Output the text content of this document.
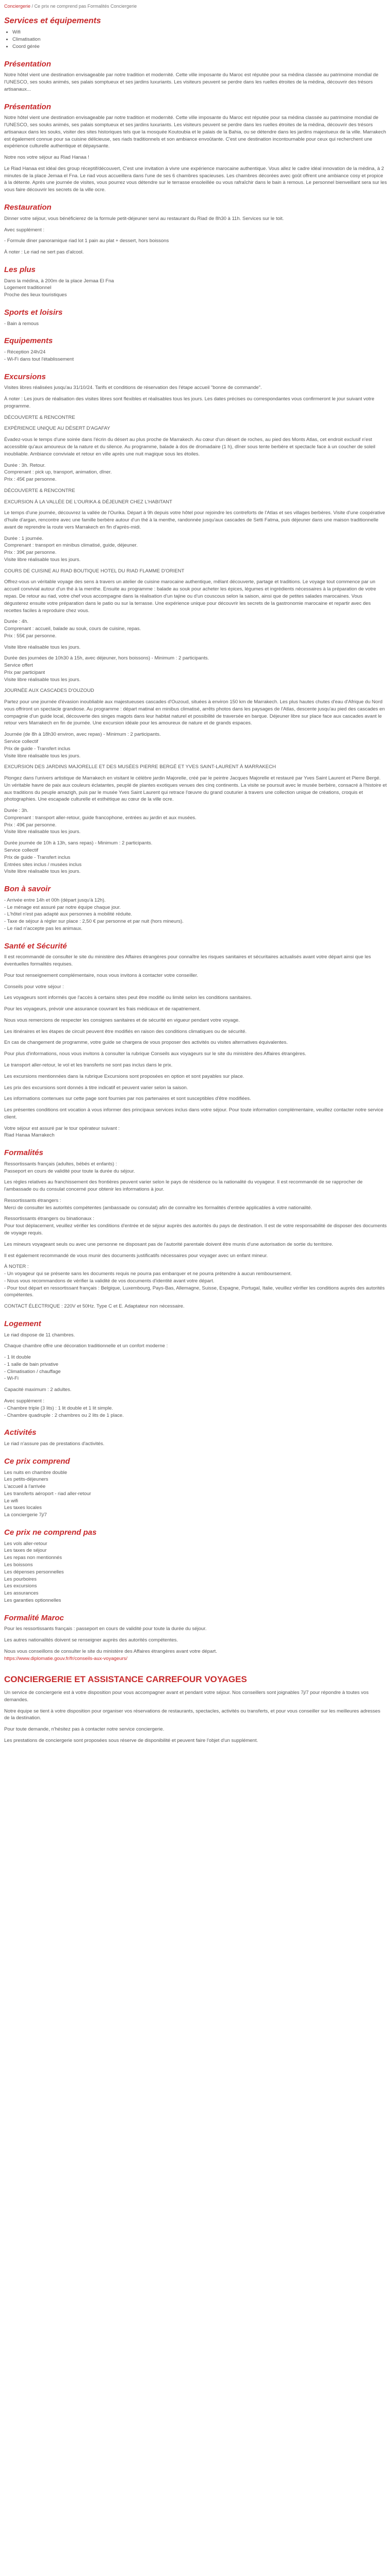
Conciergerie / Ce prix ne comprend pas Formalités Conciergerie
Services et équipements
• Wifi
• Climatisation
• Coord gérée
Présentation

Notre hôtel vient une destination envisageable par notre tradition et modernité. Cette ville imposante du Maroc est réputée pour sa médina classée au patrimoine mondial de l'UNESCO, ses souks animés, ses palais somptueux et ses jardins luxuriants. Les visiteurs peuvent se perdre dans les ruelles étroites de la médina, découvrir des trésors artisanaux...

Présentation

Notre hôtel vient une destination envisageable par notre tradition et modernité. Cette ville imposante du Maroc est réputée pour sa médina classée au patrimoine mondial de l'UNESCO, ses souks animés, ses palais somptueux et ses jardins luxuriants. Les visiteurs peuvent se perdre dans les ruelles étroites de la médina, découvrir des trésors artisanaux dans les souks, visiter des sites historiques tels que la mosquée Koutoubia et le palais de la Bahia, ou se détendre dans les jardins majestueux de la ville. Marrakech est également connue pour sa cuisine délicieuse, ses riads traditionnels et son ambiance envoûtante. C'est une destination incontournable pour ceux qui recherchent une expérience culturelle authentique et dépaysante.

Notre nos votre séjour au Riad Hanaa !

Le Riad Hanaa est idéal des group réceptif/découvert, C'est une invitation à vivre une expérience marocaine authentique. Vous allez le cadre idéal innovation de la médina, à 2 minutes de la place Jemaa el Fna. Le riad vous accueillera dans l'une de ses 6 chambres spacieuses. Les chambres décorées avec goût offrent une ambiance cosy et propice à la détente. Après une journée de visites, vous pourrez vous détendre sur le terrasse ensoleillée ou vous rafraîchir dans le bain à remous. Le personnel bienveillant sera sur les vous faire découvrir les secrets de la ville ocre.

Restauration

Dinner votre séjour, vous bénéficierez de la formule petit-déjeuner servi au restaurant du Riad de 8h30 à 11h. Services sur le toit.

Avec supplément :

- Formule diner panoramique riad lot 1 pain au plat + dessert, hors boissons

À noter : Le riad ne sert pas d'alcool.

Les plus
Dans la médina, à 200m de la place Jemaa El Fna
Logement traditionnel
Proche des lieux touristiques
Sports et loisirs
- Bain à remous
Equipements
- Réception 24h/24
- Wi-Fi dans tout l'établissement
Excursions

Visites libres réalisées jusqu'au 31/10/24. Tarifs et conditions de réservation des l'étape accueil "bonne de commande".

À noter : Les jours de réalisation des visites libres sont flexibles et réalisables tous les jours. Les dates précises ou correspondantes vous confirmeront le jour suivant votre programme.

DÉCOUVERTE & RENCONTRE

EXPÉRIENCE UNIQUE AU DÉSERT D'AGAFAY

Évadez-vous le temps d'une soirée dans l'écrin du désert au plus proche de Marrakech. Au cœur d'un désert de roches, au pied des Monts Atlas, cet endroit exclusif n'est accessible qu'aux amoureux de la nature et du silence. Au programme, balade à dos de dromadaire (1 h), dîner sous tente berbère et spectacle face à un coucher de soleil inoubliable. Ambiance conviviale et retour en ville après une nuit magique sous les étoiles.

Durée : 3h. Retour.
Comprenant : pick up, transport, animation, dîner.

Prix : 45€ par personne.

DÉCOUVERTE & RENCONTRE

EXCURSION À LA VALLÉE DE L'OURIKA & DÉJEUNER CHEZ L'HABITANT

Le temps d'une journée, découvrez la vallée de l'Ourika. Départ à 9h depuis votre hôtel pour rejoindre les contreforts de l'Atlas et ses villages berbères. Visite d'une coopérative d'huile d'argan, rencontre avec une famille berbère autour d'un thé à la menthe, randonnée jusqu'aux cascades de Setti Fatma, puis déjeuner dans une maison traditionnelle avant de reprendre la route vers Marrakech en fin d'après-midi.

Durée : 1 journée.
Comprenant : transport en minibus climatisé, guide, déjeuner.
Prix : 39€ par personne.

Visite libre réalisable tous les jours.

COURS DE CUISINE AU RIAD BOUTIQUE HOTEL DU RIAD FLAMME D'ORIENT

Offrez-vous un véritable voyage des sens à travers un atelier de cuisine marocaine authentique, mêlant découverte, partage et traditions. Le voyage tout commence par un accueil convivial autour d'un thé à la menthe. Ensuite au programme : balade au souk pour acheter les épices, légumes et ingrédients nécessaires à la préparation de votre repas. De retour au riad, votre chef vous accompagne dans la réalisation d'un tajine ou d'un couscous selon la saison, ainsi que de petites salades marocaines. Vous dégusterez ensuite votre préparation dans le patio ou sur la terrasse. Une expérience unique pour découvrir les secrets de la gastronomie marocaine et repartir avec des recettes faciles à reproduire chez vous.

Durée : 4h.
Comprenant : accueil, balade au souk, cours de cuisine, repas.

Prix : 55€ par personne.

Visite libre réalisable tous les jours.

Durée des journées de 10h30 à 15h, avec déjeuner, hors boissons) - Minimum : 2 participants.
Service offert
Prix par participant

Visite libre réalisable tous les jours.

JOURNÉE AUX CASCADES D'OUZOUD

Partez pour une journée d'évasion inoubliable aux majestueuses cascades d'Ouzoud, situées à environ 150 km de Marrakech. Les plus hautes chutes d'eau d'Afrique du Nord vous offriront un spectacle grandiose. Au programme : départ matinal en minibus climatisé, arrêts photos dans les paysages de l'Atlas, descente jusqu'au pied des cascades en compagnie d'un guide local, découverte des singes magots dans leur habitat naturel et possibilité de traversée en barque. Déjeuner libre sur place face aux cascades avant le retour vers Marrakech en fin de journée. Une excursion idéale pour les amoureux de nature et de grands espaces.

Journée (de 8h à 18h30 environ, avec repas) - Minimum : 2 participants.
Service collectif
Prix de guide - Transfert inclus

Visite libre réalisable tous les jours.

EXCURSION DES JARDINS MAJORELLE ET DES MUSÉES PIERRE BERGÉ ET YVES SAINT-LAURENT À MARRAKECH

Plongez dans l'univers artistique de Marrakech en visitant le célèbre jardin Majorelle, créé par le peintre Jacques Majorelle et restauré par Yves Saint Laurent et Pierre Bergé. Un véritable havre de paix aux couleurs éclatantes, peuplé de plantes exotiques venues des cinq continents. La visite se poursuit avec le musée berbère, consacré à l'histoire et aux traditions du peuple amazigh, puis par le musée Yves Saint Laurent qui retrace l'œuvre du grand couturier à travers une collection unique de créations, croquis et photographies. Une escapade culturelle et esthétique au cœur de la ville ocre.

Durée : 3h.
Comprenant : transport aller-retour, guide francophone, entrées au jardin et aux musées.
Prix : 49€ par personne.

Visite libre réalisable tous les jours.

Durée journée de 10h à 13h, sans repas) - Minimum : 2 participants.
Service collectif
Prix de guide - Transfert inclus
Entrées sites inclus / musées inclus

Visite libre réalisable tous les jours.

Bon à savoir
- Arrivée entre 14h et 00h (départ jusqu'à 12h).
- Le ménage est assuré par notre équipe chaque jour.
- L'hôtel n'est pas adapté aux personnes à mobilité réduite.
- Taxe de séjour à régler sur place : 2,50 € par personne et par nuit (hors mineurs).
- Le riad n'accepte pas les animaux.
Santé et Sécurité

Il est recommandé de consulter le site du ministère des Affaires étrangères pour connaître les risques sanitaires et sécuritaires actualisés avant votre départ ainsi que les éventuelles formalités requises.

Pour tout renseignement complémentaire, nous vous invitons à contacter votre conseiller.

Conseils pour votre séjour :

Les voyageurs sont informés que l'accès à certains sites peut être modifié ou limité selon les conditions sanitaires.

Pour les voyageurs, prévoir une assurance couvrant les frais médicaux et de rapatriement.

Nous vous remercions de respecter les consignes sanitaires et de sécurité en vigueur pendant votre voyage.

Les itinéraires et les étapes de circuit peuvent être modifiés en raison des conditions climatiques ou de sécurité.

En cas de changement de programme, votre guide se chargera de vous proposer des activités ou visites alternatives équivalentes.

Pour plus d'informations, nous vous invitons à consulter la rubrique Conseils aux voyageurs sur le site du ministère des Affaires étrangères.

Le transport aller-retour, le vol et les transferts ne sont pas inclus dans le prix.

Les excursions mentionnées dans la rubrique Excursions sont proposées en option et sont payables sur place.

Les prix des excursions sont donnés à titre indicatif et peuvent varier selon la saison.

Les informations contenues sur cette page sont fournies par nos partenaires et sont susceptibles d'être modifiées.

Les présentes conditions ont vocation à vous informer des principaux services inclus dans votre séjour. Pour toute information complémentaire, veuillez contacter notre service client.

Votre séjour est assuré par le tour opérateur suivant :

Riad Hanaa Marrakech

Formalités
Ressortissants français (adultes, bébés et enfants) :

Passeport en cours de validité pour toute la durée du séjour.

Les règles relatives au franchissement des frontières peuvent varier selon le pays de résidence ou la nationalité du voyageur. Il est recommandé de se rapprocher de l'ambassade ou du consulat concerné pour obtenir les informations à jour.

Ressortissants étrangers :

Merci de consulter les autorités compétentes (ambassade ou consulat) afin de connaître les formalités d'entrée applicables à votre nationalité.

Ressortissants étrangers ou binationaux :

Pour tout déplacement, veuillez vérifier les conditions d'entrée et de séjour auprès des autorités du pays de destination. Il est de votre responsabilité de disposer des documents de voyage requis.

Les mineurs voyageant seuls ou avec une personne ne disposant pas de l'autorité parentale doivent être munis d'une autorisation de sortie du territoire.

Il est également recommandé de vous munir des documents justificatifs nécessaires pour voyager avec un enfant mineur.

À NOTER :
- Un voyageur qui se présente sans les documents requis ne pourra pas embarquer et ne pourra prétendre à aucun remboursement.
- Nous vous recommandons de vérifier la validité de vos documents d'identité avant votre départ.

- Pour tout départ en ressortissant français : Belgique, Luxembourg, Pays-Bas, Allemagne, Suisse, Espagne, Portugal, Italie, veuillez vérifier les conditions auprès des autorités compétentes.

CONTACT ÉLECTRIQUE : 220V et 50Hz. Type C et E. Adaptateur non nécessaire.

Logement

Le riad dispose de 11 chambres.

Chaque chambre offre une décoration traditionnelle et un confort moderne :

- 1 lit double
- 1 salle de bain privative
- Climatisation / chauffage

- Wi-Fi

Capacité maximum : 2 adultes.

Avec supplément :
- Chambre triple (3 lits) : 1 lit double et 1 lit simple.
- Chambre quadruple : 2 chambres ou 2 lits de 1 place.
Activités

Le riad n'assure pas de prestations d'activités.

Ce prix comprend
Les nuits en chambre double
Les petits-déjeuners
L'accueil à l'arrivée
Les transferts aéroport - riad aller-retour
Le wifi
Les taxes locales
La conciergerie 7j/7
Ce prix ne comprend pas
Les vols aller-retour
Les taxes de séjour
Les repas non mentionnés
Les boissons
Les dépenses personnelles
Les pourboires
Les excursions
Les assurances
Les garanties optionnelles
Formalité Maroc

Pour les ressortissants français : passeport en cours de validité pour toute la durée du séjour.

Les autres nationalités doivent se renseigner auprès des autorités compétentes.

Nous vous conseillons de consulter le site du ministère des Affaires étrangères avant votre départ.

https://www.diplomatie.gouv.fr/fr/conseils-aux-voyageurs/

CONCIERGERIE ET ASSISTANCE CARREFOUR VOYAGES

Un service de conciergerie est à votre disposition pour vous accompagner avant et pendant votre séjour. Nos conseillers sont joignables 7j/7 pour répondre à toutes vos demandes.

Notre équipe se tient à votre disposition pour organiser vos réservations de restaurants, spectacles, activités ou transferts, et pour vous conseiller sur les meilleures adresses de la destination.

Pour toute demande, n'hésitez pas à contacter notre service conciergerie.

Les prestations de conciergerie sont proposées sous réserve de disponibilité et peuvent faire l'objet d'un supplément.
